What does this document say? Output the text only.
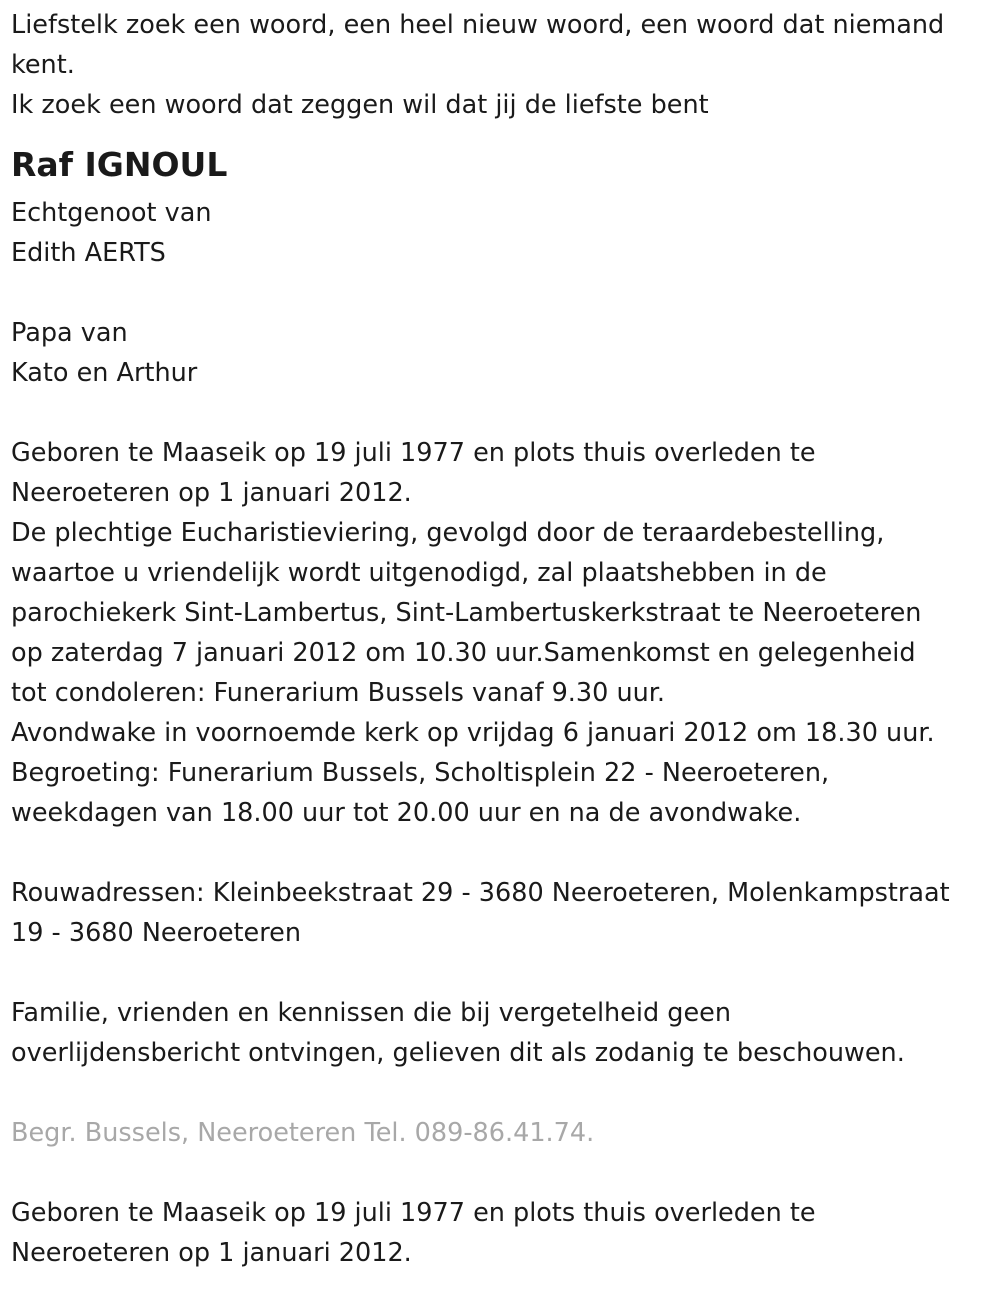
Liefstelk zoek een woord, een heel nieuw woord, een woord dat niemand
kent.
Ik zoek een woord dat zeggen wil dat jij de liefste bent
Raf IGNOUL
Echtgenoot van
Edith AERTS
Papa van
Kato en Arthur
Geboren te Maaseik op 19 juli 1977 en plots thuis overleden te
Neeroeteren op 1 januari 2012.
De plechtige Eucharistieviering, gevolgd door de teraardebestelling,
waartoe u vriendelijk wordt uitgenodigd, zal plaatshebben in de
parochiekerk Sint-Lambertus, Sint-Lambertuskerkstraat te Neeroeteren
op zaterdag 7 januari 2012 om 10.30 uur.Samenkomst en gelegenheid
tot condoleren: Funerarium Bussels vanaf 9.30 uur.
Avondwake in voornoemde kerk op vrijdag 6 januari 2012 om 18.30 uur.
Begroeting: Funerarium Bussels, Scholtisplein 22 - Neeroeteren,
weekdagen van 18.00 uur tot 20.00 uur en na de avondwake.
Rouwadressen: Kleinbeekstraat 29 - 3680 Neeroeteren, Molenkampstraat
19 - 3680 Neeroeteren
Familie, vrienden en kennissen die bij vergetelheid geen
overlijdensbericht ontvingen, gelieven dit als zodanig te beschouwen.
Begr. Bussels, Neeroeteren Tel. 089-86.41.74.
Geboren te Maaseik op 19 juli 1977 en plots thuis overleden te
Neeroeteren op 1 januari 2012.
